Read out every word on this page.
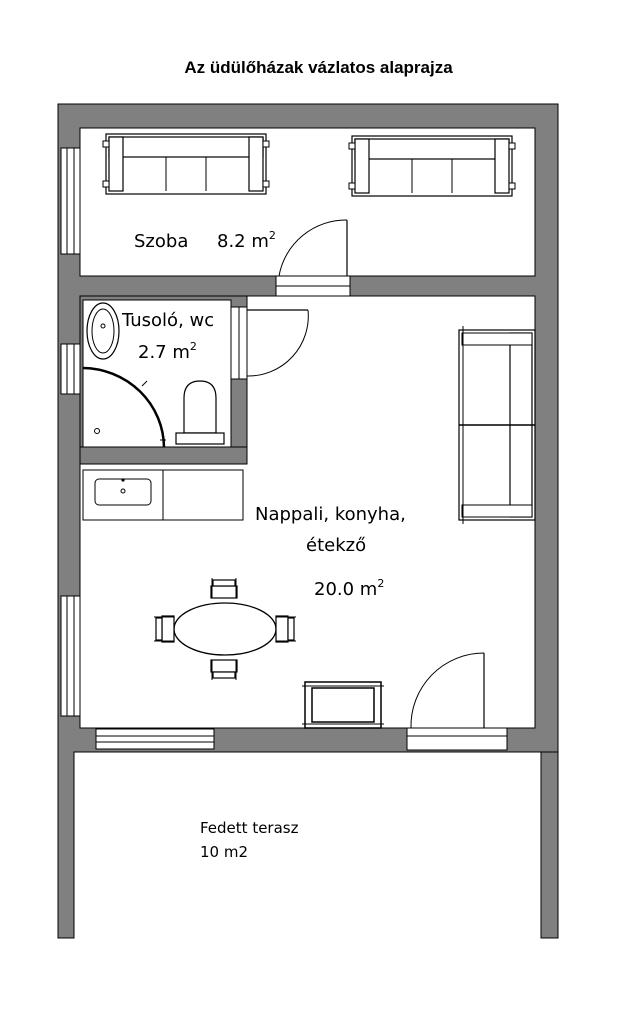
Az üdülőházak vázlatos alaprajza
Szoba 8.2 $m^2$
Tusoló, wc
2.7 $m^2$
Nappali, konyha,
étekző
20.0 $m^2$
Fedett terasz
10 m2
